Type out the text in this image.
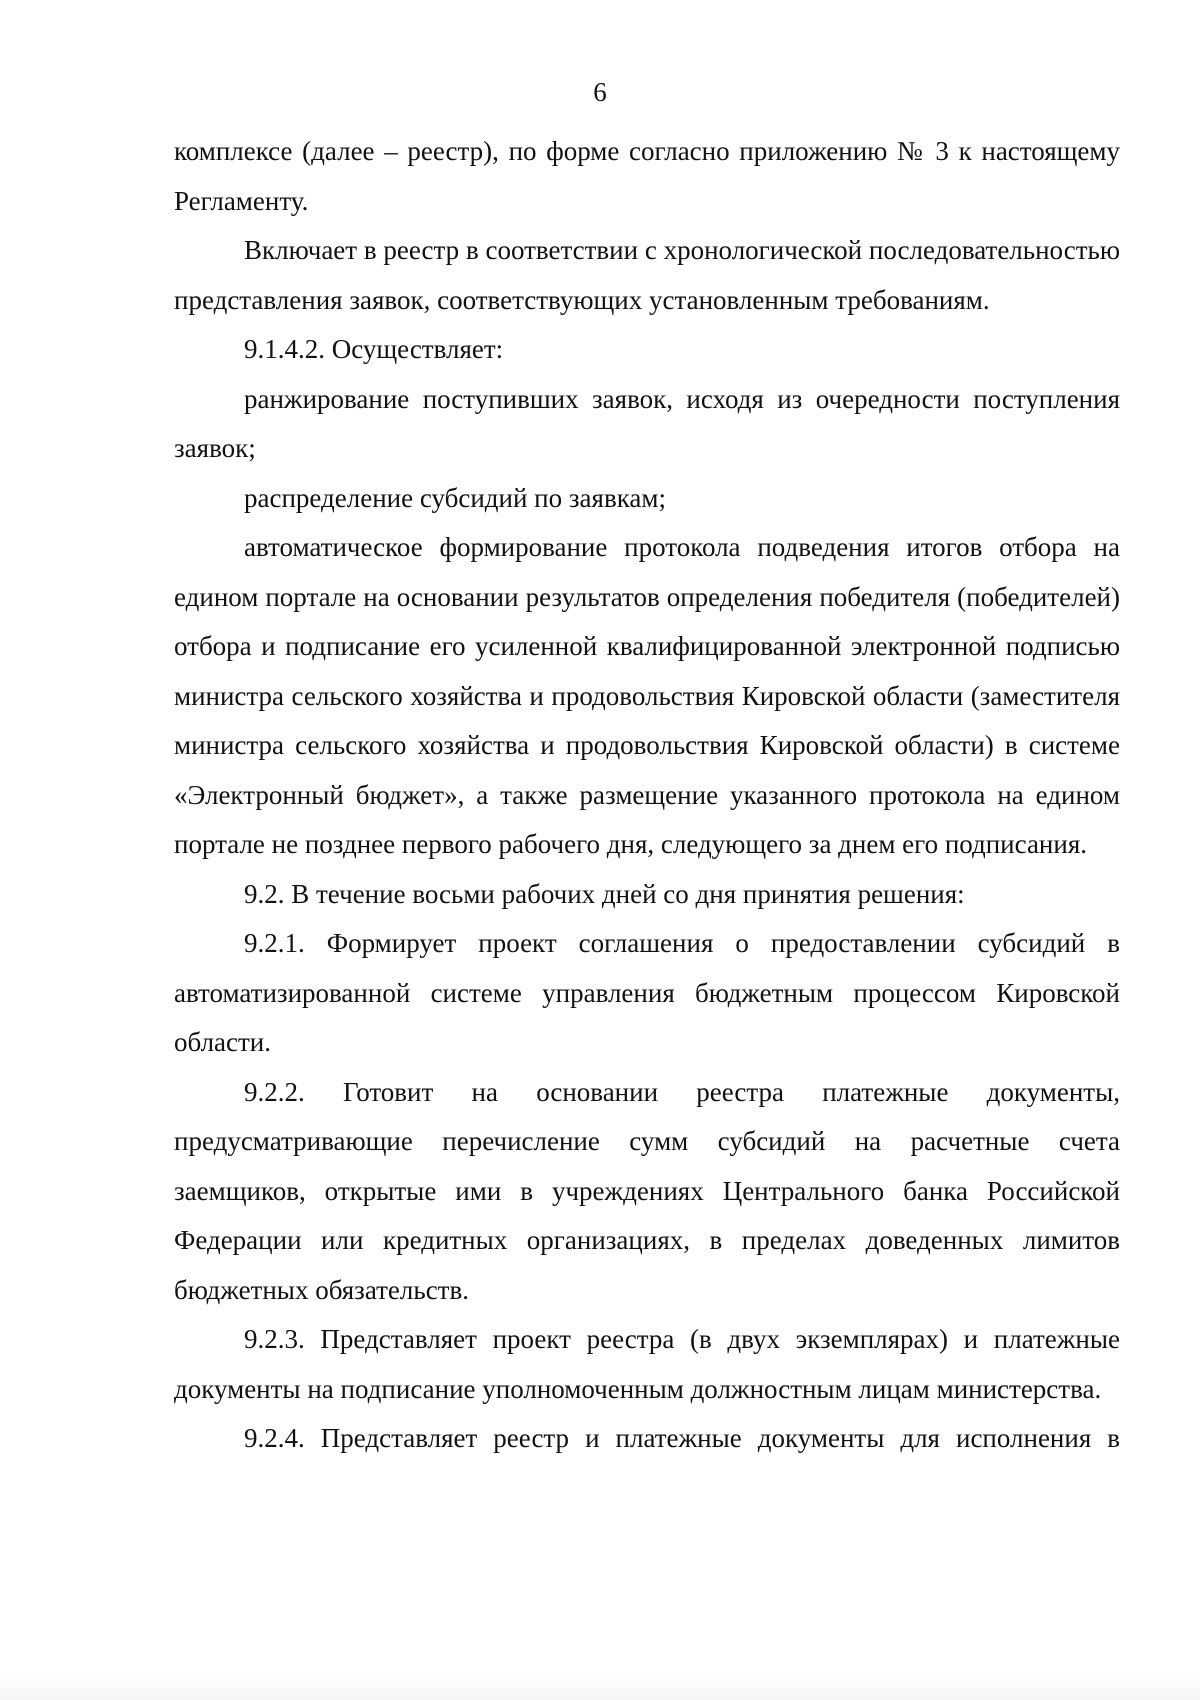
6

комплексе (далее – реестр), по форме согласно приложению № 3 к настоящему Регламенту.

Включает в реестр в соответствии с хронологической последовательностью представления заявок, соответствующих установленным требованиям.

9.1.4.2. Осуществляет:

ранжирование поступивших заявок, исходя из очередности поступления заявок;

распределение субсидий по заявкам;

автоматическое формирование протокола подведения итогов отбора на едином портале на основании результатов определения победителя (победителей) отбора и подписание его усиленной квалифицированной электронной подписью министра сельского хозяйства и продовольствия Кировской области (заместителя министра сельского хозяйства и продовольствия Кировской области) в системе «Электронный бюджет», а также размещение указанного протокола на едином портале не позднее первого рабочего дня, следующего за днем его подписания.

9.2. В течение восьми рабочих дней со дня принятия решения:

9.2.1. Формирует проект соглашения о предоставлении субсидий в автоматизированной системе управления бюджетным процессом Кировской области.

9.2.2. Готовит на основании реестра платежные документы, предусматривающие перечисление сумм субсидий на расчетные счета заемщиков, открытые ими в учреждениях Центрального банка Российской Федерации или кредитных организациях, в пределах доведенных лимитов бюджетных обязательств.

9.2.3. Представляет проект реестра (в двух экземплярах) и платежные документы на подписание уполномоченным должностным лицам министерства.

9.2.4. Представляет реестр и платежные документы для исполнения в
